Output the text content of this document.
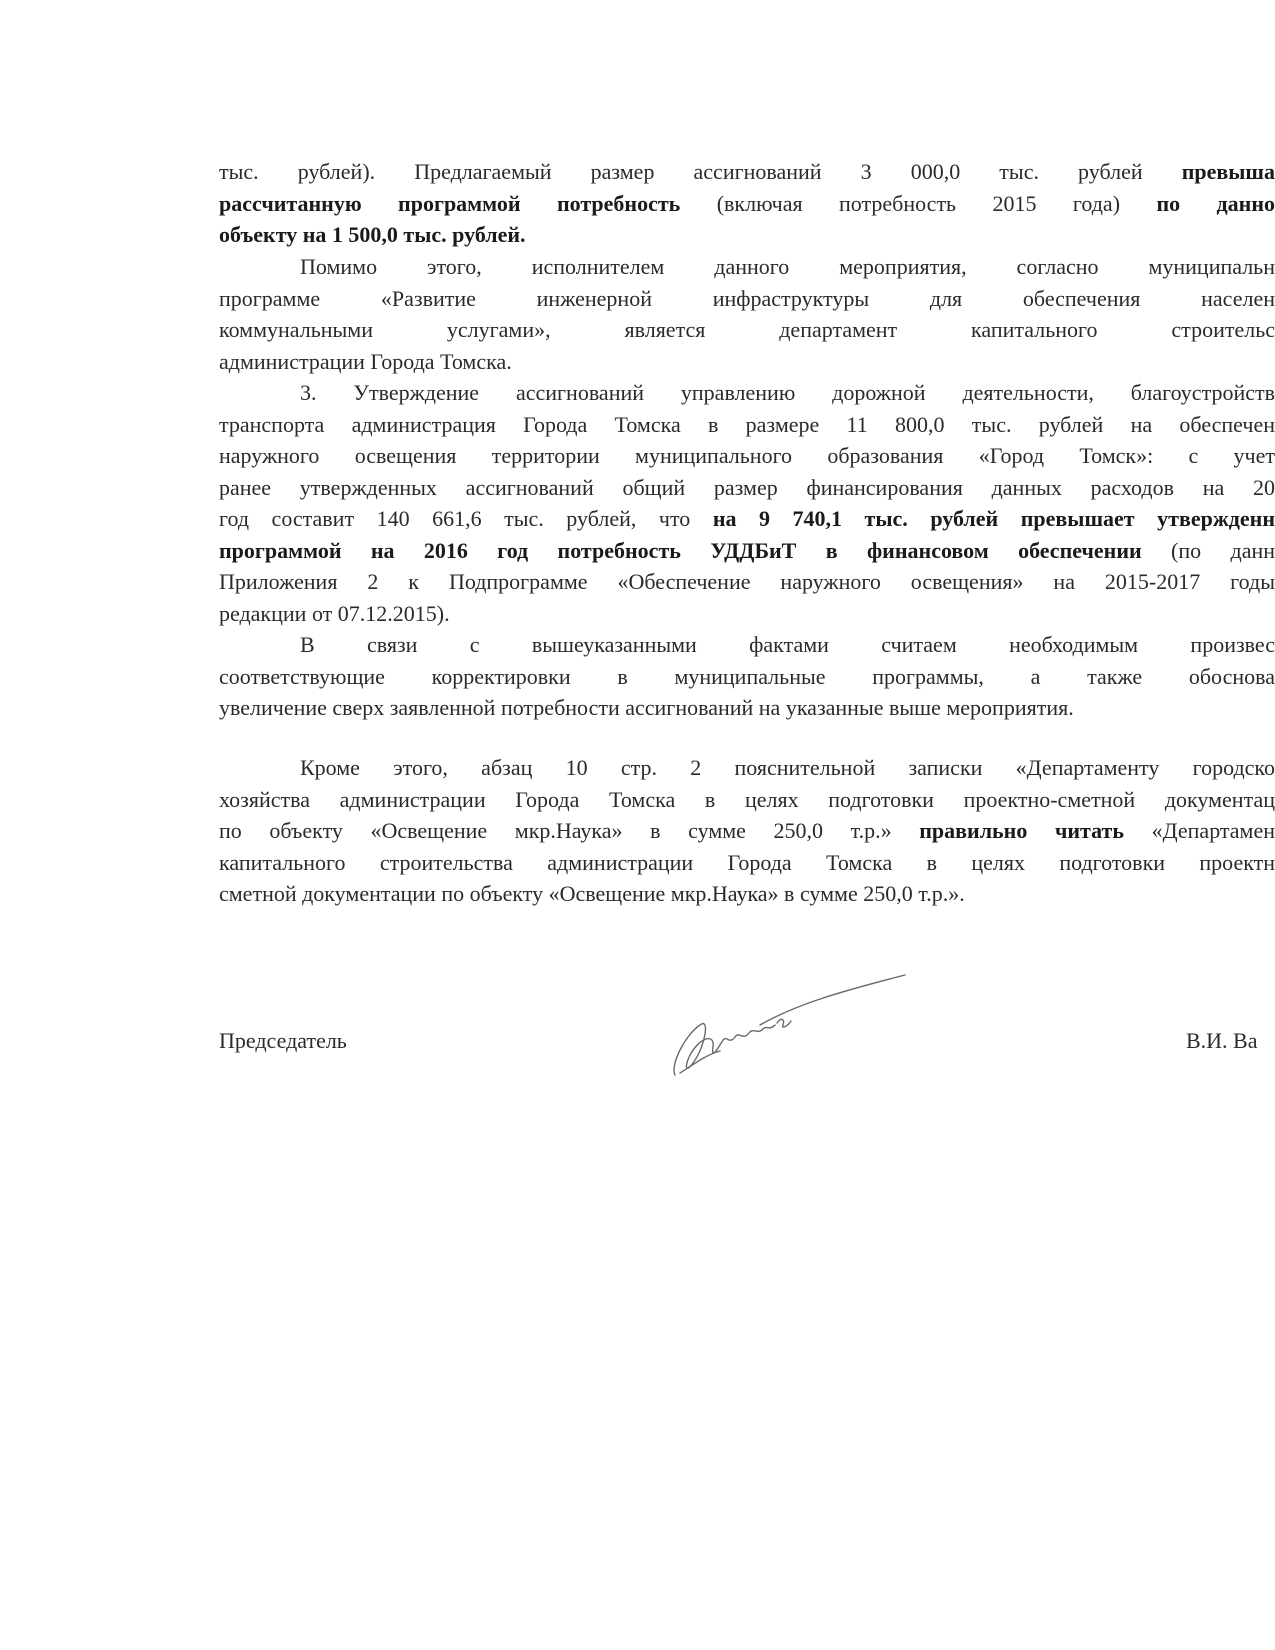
тыс. рублей). Предлагаемый размер ассигнований 3 000,0 тыс. рублей превыша
рассчитанную программой потребность (включая потребность 2015 года) по данно
объекту на 1 500,0 тыс. рублей.
Помимо этого, исполнителем данного мероприятия, согласно муниципальн
программе «Развитие инженерной инфраструктуры для обеспечения населен
коммунальными услугами», является департамент капитального строительс
администрации Города Томска.
3. Утверждение ассигнований управлению дорожной деятельности, благоустройств
транспорта администрация Города Томска в размере 11 800,0 тыс. рублей на обеспечен
наружного освещения территории муниципального образования «Город Томск»: с учет
ранее утвержденных ассигнований общий размер финансирования данных расходов на 20
год составит 140 661,6 тыс. рублей, что на 9 740,1 тыс. рублей превышает утвержденн
программой на 2016 год потребность УДДБиТ в финансовом обеспечении (по данн
Приложения 2 к Подпрограмме «Обеспечение наружного освещения» на 2015-2017 годы
редакции от 07.12.2015).
В связи с вышеуказанными фактами считаем необходимым произвес
соответствующие корректировки в муниципальные программы, а также обоснова
увеличение сверх заявленной потребности ассигнований на указанные выше мероприятия.
Кроме этого, абзац 10 стр. 2 пояснительной записки «Департаменту городско
хозяйства администрации Города Томска в целях подготовки проектно-сметной документац
по объекту «Освещение мкр.Наука» в сумме 250,0 т.р.» правильно читать «Департамен
капитального строительства администрации Города Томска в целях подготовки проектн
сметной документации по объекту «Освещение мкр.Наука» в сумме 250,0 т.р.».
Председатель	В.И. Ва
